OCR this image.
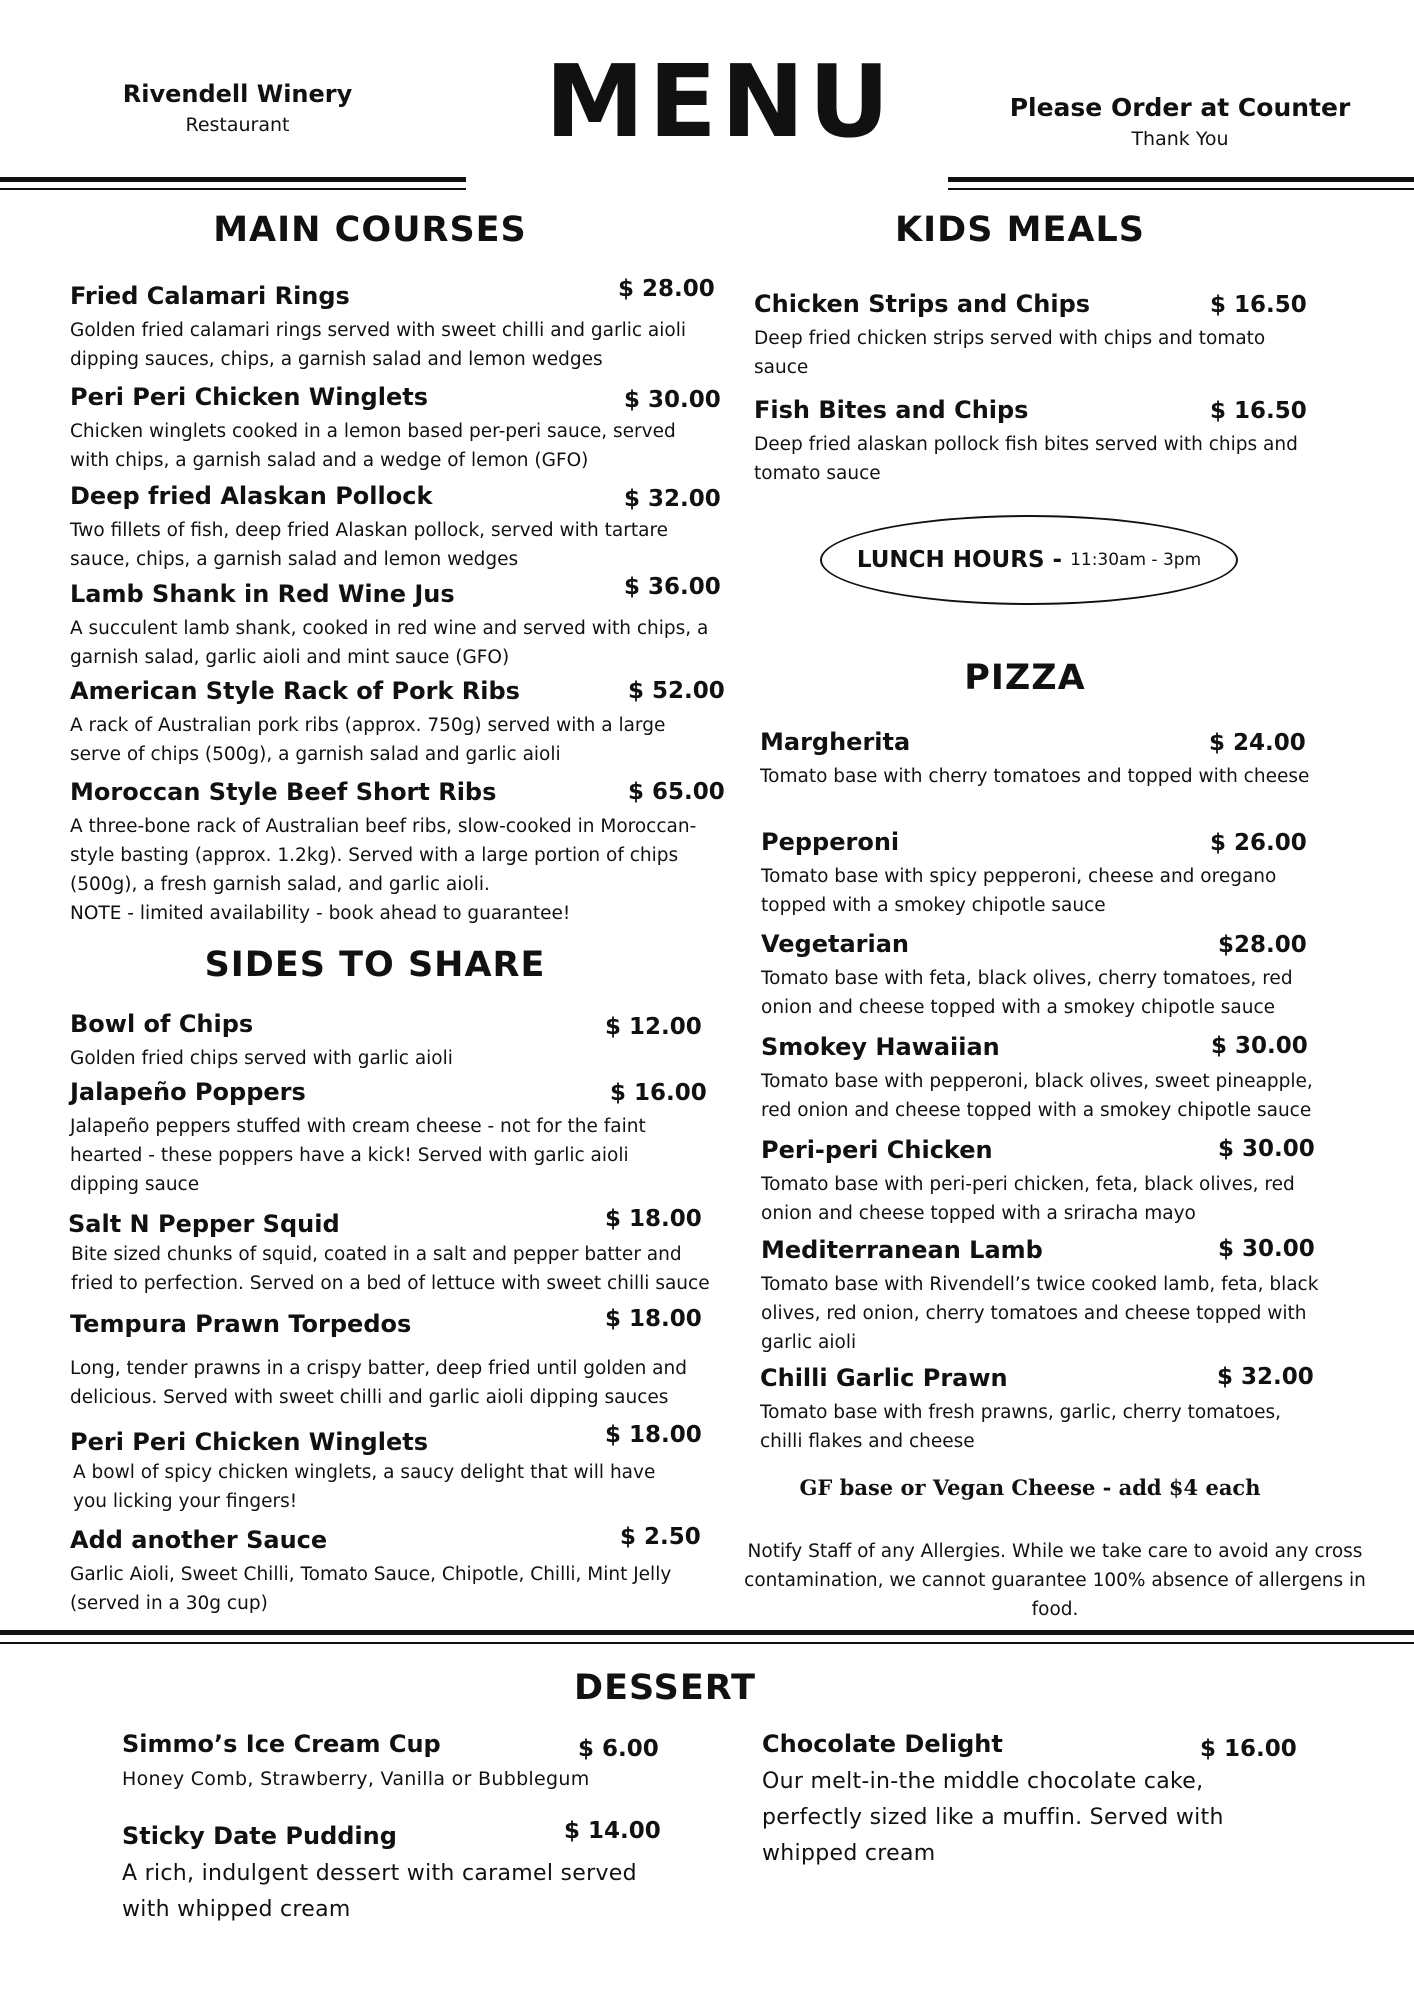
Rivendell Winery
Restaurant	MENU	Please Order at Counter
Thank You
MAIN COURSES
Fried Calamari Rings	$ 28.00
Golden fried calamari rings served with sweet chilli and garlic aioli dipping sauces, chips, a garnish salad and lemon wedges
Peri Peri Chicken Winglets	$ 30.00
Chicken winglets cooked in a lemon based per-peri sauce, served with chips, a garnish salad and a wedge of lemon (GFO)
Deep fried Alaskan Pollock	$ 32.00
Two fillets of fish, deep fried Alaskan pollock, served with tartare sauce, chips, a garnish salad and lemon wedges
Lamb Shank in Red Wine Jus	$ 36.00
A succulent lamb shank, cooked in red wine and served with chips, a garnish salad, garlic aioli and mint sauce (GFO)
American Style Rack of Pork Ribs	$ 52.00
A rack of Australian pork ribs (approx. 750g) served with a large serve of chips (500g), a garnish salad and garlic aioli
Moroccan Style Beef Short Ribs	$ 65.00
A three-bone rack of Australian beef ribs, slow-cooked in Moroccan-style basting (approx. 1.2kg). Served with a large portion of chips (500g), a fresh garnish salad, and garlic aioli.
NOTE - limited availability - book ahead to guarantee!
SIDES TO SHARE
Bowl of Chips	$ 12.00
Golden fried chips served with garlic aioli
Jalapeño Poppers	$ 16.00
Jalapeño peppers stuffed with cream cheese - not for the faint hearted - these poppers have a kick! Served with garlic aioli dipping sauce
Salt N Pepper Squid	$ 18.00
Bite sized chunks of squid, coated in a salt and pepper batter and fried to perfection. Served on a bed of lettuce with sweet chilli sauce
Tempura Prawn Torpedos	$ 18.00
Long, tender prawns in a crispy batter, deep fried until golden and delicious. Served with sweet chilli and garlic aioli dipping sauces
Peri Peri Chicken Winglets	$ 18.00
A bowl of spicy chicken winglets, a saucy delight that will have you licking your fingers!
Add another Sauce	$ 2.50
Garlic Aioli, Sweet Chilli, Tomato Sauce, Chipotle, Chilli, Mint Jelly (served in a 30g cup)
KIDS MEALS
Chicken Strips and Chips	$ 16.50
Deep fried chicken strips served with chips and tomato sauce
Fish Bites and Chips	$ 16.50
Deep fried alaskan pollock fish bites served with chips and tomato sauce
LUNCH HOURS - 11:30am - 3pm
PIZZA
Margherita	$ 24.00
Tomato base with cherry tomatoes and topped with cheese
Pepperoni	$ 26.00
Tomato base with spicy pepperoni, cheese and oregano topped with a smokey chipotle sauce
Vegetarian	$28.00
Tomato base with feta, black olives, cherry tomatoes, red onion and cheese topped with a smokey chipotle sauce
Smokey Hawaiian	$ 30.00
Tomato base with pepperoni, black olives, sweet pineapple, red onion and cheese topped with a smokey chipotle sauce
Peri-peri Chicken	$ 30.00
Tomato base with peri-peri chicken, feta, black olives, red onion and cheese topped with a sriracha mayo
Mediterranean Lamb	$ 30.00
Tomato base with Rivendell’s twice cooked lamb, feta, black olives, red onion, cherry tomatoes and cheese topped with garlic aioli
Chilli Garlic Prawn	$ 32.00
Tomato base with fresh prawns, garlic, cherry tomatoes, chilli flakes and cheese
GF base or Vegan Cheese - add $4 each
Notify Staff of any Allergies. While we take care to avoid any cross contamination, we cannot guarantee 100% absence of allergens in food.
DESSERT
Simmo’s Ice Cream Cup	$ 6.00
Honey Comb, Strawberry, Vanilla or Bubblegum
Sticky Date Pudding	$ 14.00
A rich, indulgent dessert with caramel served with whipped cream
Chocolate Delight	$ 16.00
Our melt-in-the middle chocolate cake, perfectly sized like a muffin. Served with whipped cream
